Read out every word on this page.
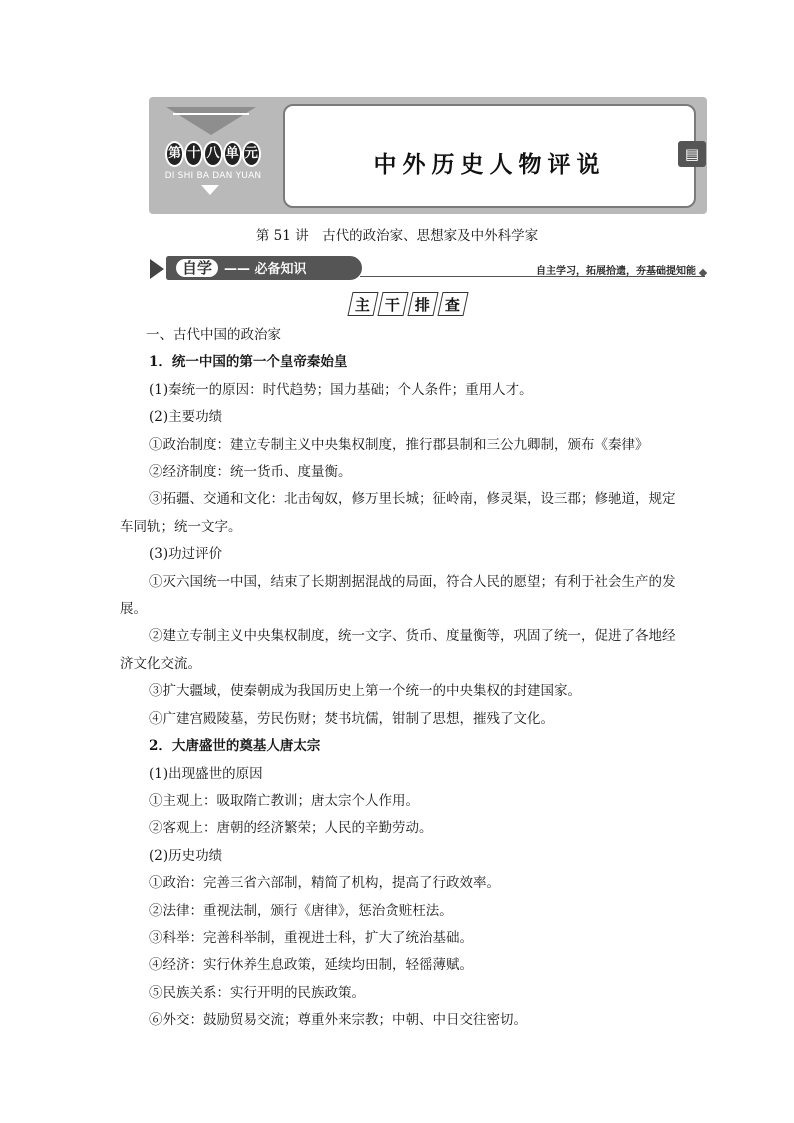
第 十 八 单 元
DI SHI BA DAN YUAN	中外历史人物评说	▤
第 51 讲　古代的政治家、思想家及中外科学家
自学 —— 必备知识	自主学习，拓展拾遗，夯基础提知能
主 干 排 查

一、古代中国的政治家

1．统一中国的第一个皇帝秦始皇

(1)秦统一的原因：时代趋势；国力基础；个人条件；重用人才。

(2)主要功绩

①政治制度：建立专制主义中央集权制度，推行郡县制和三公九卿制，颁布《秦律》

②经济制度：统一货币、度量衡。

③拓疆、交通和文化：北击匈奴，修万里长城；征岭南，修灵渠，设三郡；修驰道，规定车同轨；统一文字。

(3)功过评价

①灭六国统一中国，结束了长期割据混战的局面，符合人民的愿望；有利于社会生产的发展。

②建立专制主义中央集权制度，统一文字、货币、度量衡等，巩固了统一，促进了各地经济文化交流。

③扩大疆域，使秦朝成为我国历史上第一个统一的中央集权的封建国家。

④广建宫殿陵墓，劳民伤财；焚书坑儒，钳制了思想，摧残了文化。

2．大唐盛世的奠基人唐太宗

(1)出现盛世的原因

①主观上：吸取隋亡教训；唐太宗个人作用。

②客观上：唐朝的经济繁荣；人民的辛勤劳动。

(2)历史功绩

①政治：完善三省六部制，精简了机构，提高了行政效率。

②法律：重视法制，颁行《唐律》，惩治贪赃枉法。

③科举：完善科举制，重视进士科，扩大了统治基础。

④经济：实行休养生息政策，延续均田制，轻徭薄赋。

⑤民族关系：实行开明的民族政策。

⑥外交：鼓励贸易交流；尊重外来宗教；中朝、中日交往密切。
